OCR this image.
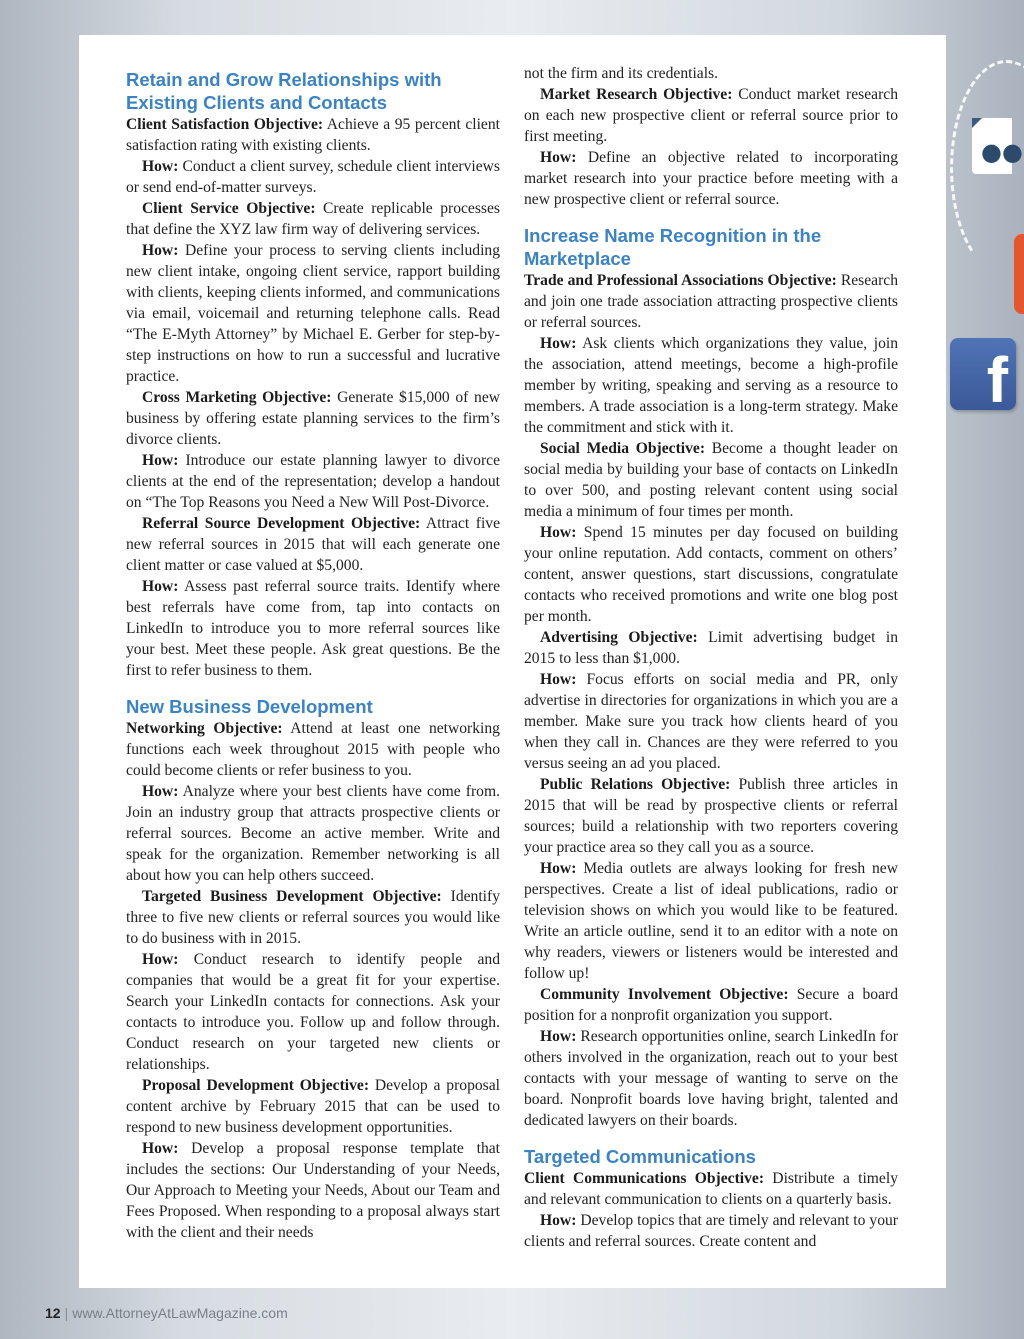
Retain and Grow Relationships with Existing Clients and Contacts

Client Satisfaction Objective: Achieve a 95 percent client satisfaction rating with existing clients.

How: Conduct a client survey, schedule client interviews or send end-of-matter surveys.

Client Service Objective: Create replicable processes that define the XYZ law firm way of delivering services.

How: Define your process to serving clients including new client intake, ongoing client service, rapport building with clients, keeping clients informed, and communications via email, voicemail and returning telephone calls. Read “The E-Myth Attorney” by Michael E. Gerber for step-by-step instructions on how to run a successful and lucrative practice.

Cross Marketing Objective: Generate $15,000 of new business by offering estate planning services to the firm’s divorce clients.

How: Introduce our estate planning lawyer to divorce clients at the end of the representation; develop a handout on “The Top Reasons you Need a New Will Post-Divorce.

Referral Source Development Objective: Attract five new referral sources in 2015 that will each generate one client matter or case valued at $5,000.

How: Assess past referral source traits. Identify where best referrals have come from, tap into contacts on LinkedIn to introduce you to more referral sources like your best. Meet these people. Ask great questions. Be the first to refer business to them.

New Business Development

Networking Objective: Attend at least one networking functions each week throughout 2015 with people who could become clients or refer business to you.

How: Analyze where your best clients have come from. Join an industry group that attracts prospective clients or referral sources. Become an active member. Write and speak for the organization. Remember networking is all about how you can help others succeed.

Targeted Business Development Objective: Identify three to five new clients or referral sources you would like to do business with in 2015.

How: Conduct research to identify people and companies that would be a great fit for your expertise. Search your LinkedIn contacts for connections. Ask your contacts to introduce you. Follow up and follow through. Conduct research on your targeted new clients or relationships.

Proposal Development Objective: Develop a proposal content archive by February 2015 that can be used to respond to new business development opportunities.

How: Develop a proposal response template that includes the sections: Our Understanding of your Needs, Our Approach to Meeting your Needs, About our Team and Fees Proposed. When responding to a proposal always start with the client and their needs

not the firm and its credentials.

Market Research Objective: Conduct market research on each new prospective client or referral source prior to first meeting.

How: Define an objective related to incorporating market research into your practice before meeting with a new prospective client or referral source.

Increase Name Recognition in the Marketplace

Trade and Professional Associations Objective: Research and join one trade association attracting prospective clients or referral sources.

How: Ask clients which organizations they value, join the association, attend meetings, become a high-profile member by writing, speaking and serving as a resource to members. A trade association is a long-term strategy. Make the commitment and stick with it.

Social Media Objective: Become a thought leader on social media by building your base of contacts on LinkedIn to over 500, and posting relevant content using social media a minimum of four times per month.

How: Spend 15 minutes per day focused on building your online reputation. Add contacts, comment on others’ content, answer questions, start discussions, congratulate contacts who received promotions and write one blog post per month.

Advertising Objective: Limit advertising budget in 2015 to less than $1,000.

How: Focus efforts on social media and PR, only advertise in directories for organizations in which you are a member. Make sure you track how clients heard of you when they call in. Chances are they were referred to you versus seeing an ad you placed.

Public Relations Objective: Publish three articles in 2015 that will be read by prospective clients or referral sources; build a relationship with two reporters covering your practice area so they call you as a source.

How: Media outlets are always looking for fresh new perspectives. Create a list of ideal publications, radio or television shows on which you would like to be featured. Write an article outline, send it to an editor with a note on why readers, viewers or listeners would be interested and follow up!

Community Involvement Objective: Secure a board position for a nonprofit organization you support.

How: Research opportunities online, search LinkedIn for others involved in the organization, reach out to your best contacts with your message of wanting to serve on the board. Nonprofit boards love having bright, talented and dedicated lawyers on their boards.

Targeted Communications

Client Communications Objective: Distribute a timely and relevant communication to clients on a quarterly basis.

How: Develop topics that are timely and relevant to your clients and referral sources. Create content and

●●
f
12 | www.AttorneyAtLawMagazine.com
